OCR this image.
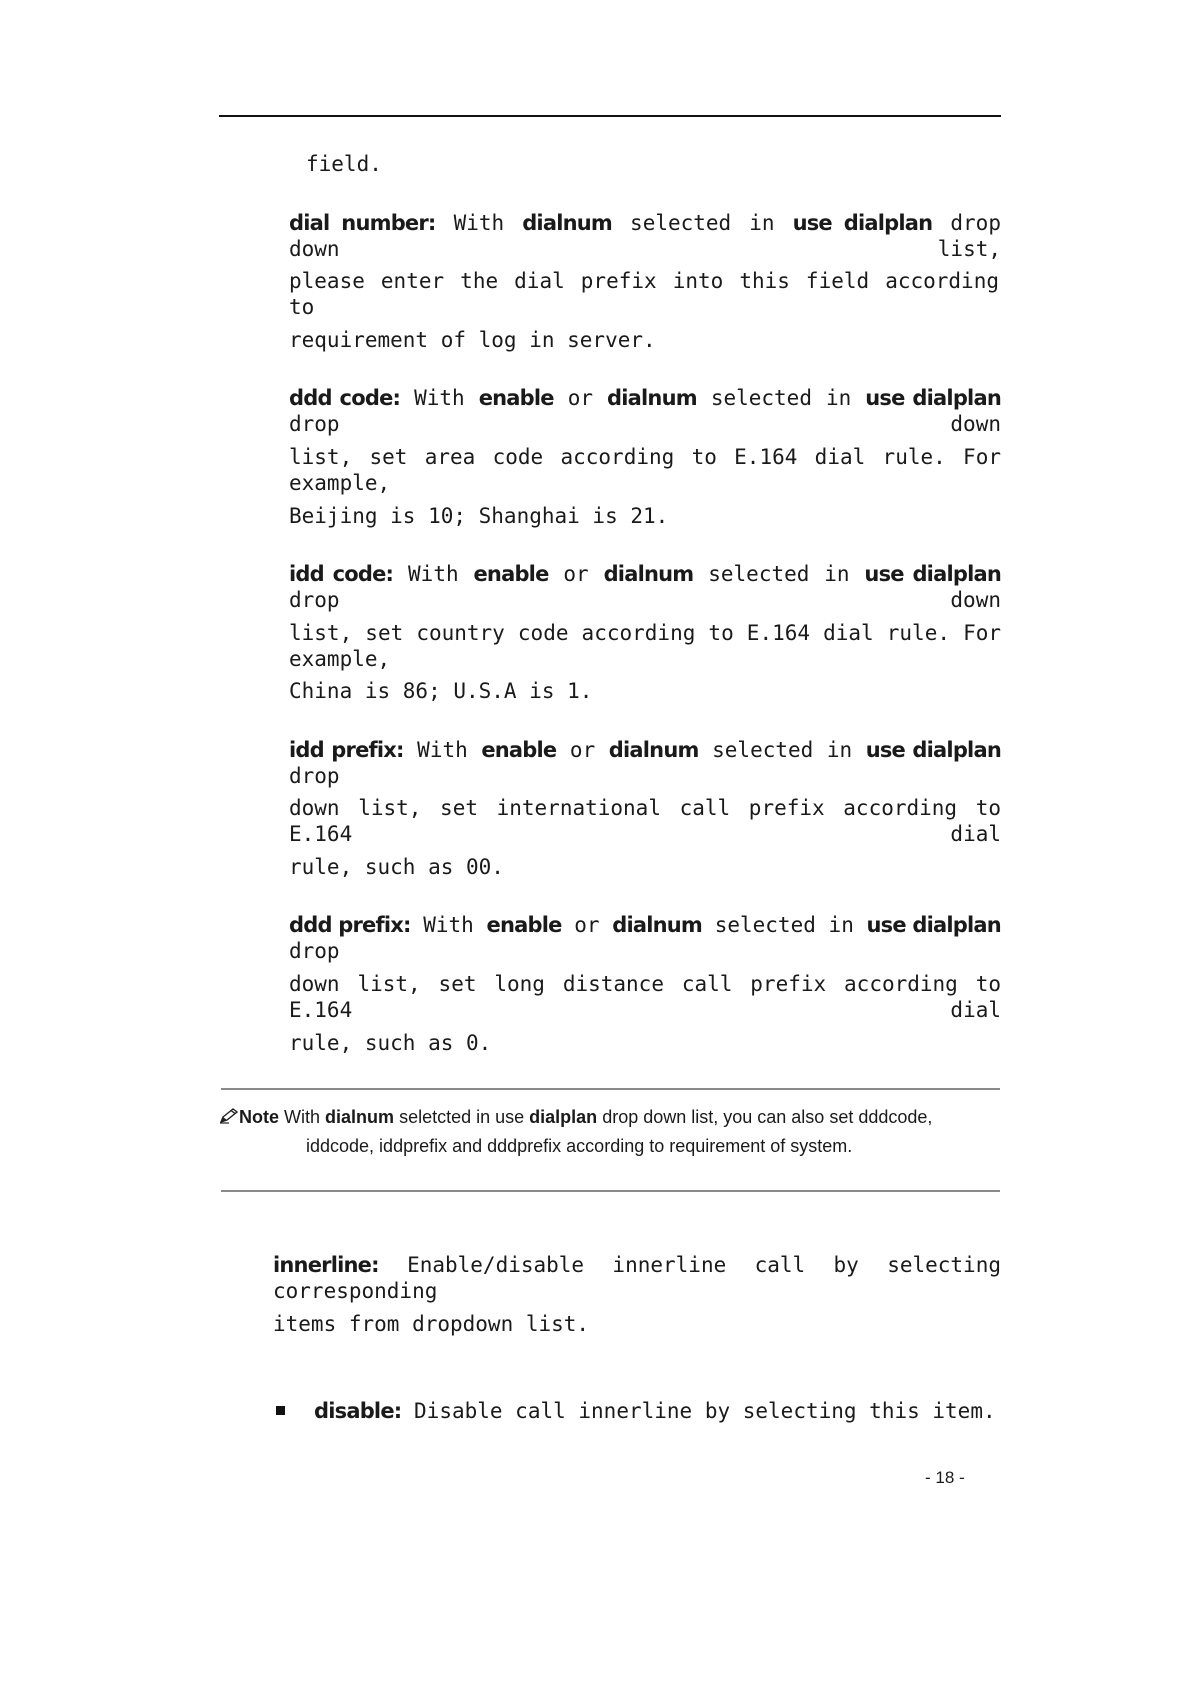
field.
dial number: With dialnum selected in use dialplan drop down list,
please enter the dial prefix into this field according to
requirement of log in server.
ddd code: With enable or dialnum selected in use dialplan drop down
list, set area code according to E.164 dial rule. For example,
Beijing is 10; Shanghai is 21.
idd code: With enable or dialnum selected in use dialplan drop down
list, set country code according to E.164 dial rule. For example,
China is 86; U.S.A is 1.
idd prefix: With enable or dialnum selected in use dialplan drop
down list, set international call prefix according to E.164 dial
rule, such as 00.
ddd prefix: With enable or dialnum selected in use dialplan drop
down list, set long distance call prefix according to E.164 dial
rule, such as 0.
Note With dialnum seletcted in use dialplan drop down list, you can also set dddcode,
iddcode, iddprefix and dddprefix according to requirement of system.
innerline: Enable/disable innerline call by selecting corresponding
items from dropdown list.
disable: Disable call innerline by selecting this item.
- 18 -
